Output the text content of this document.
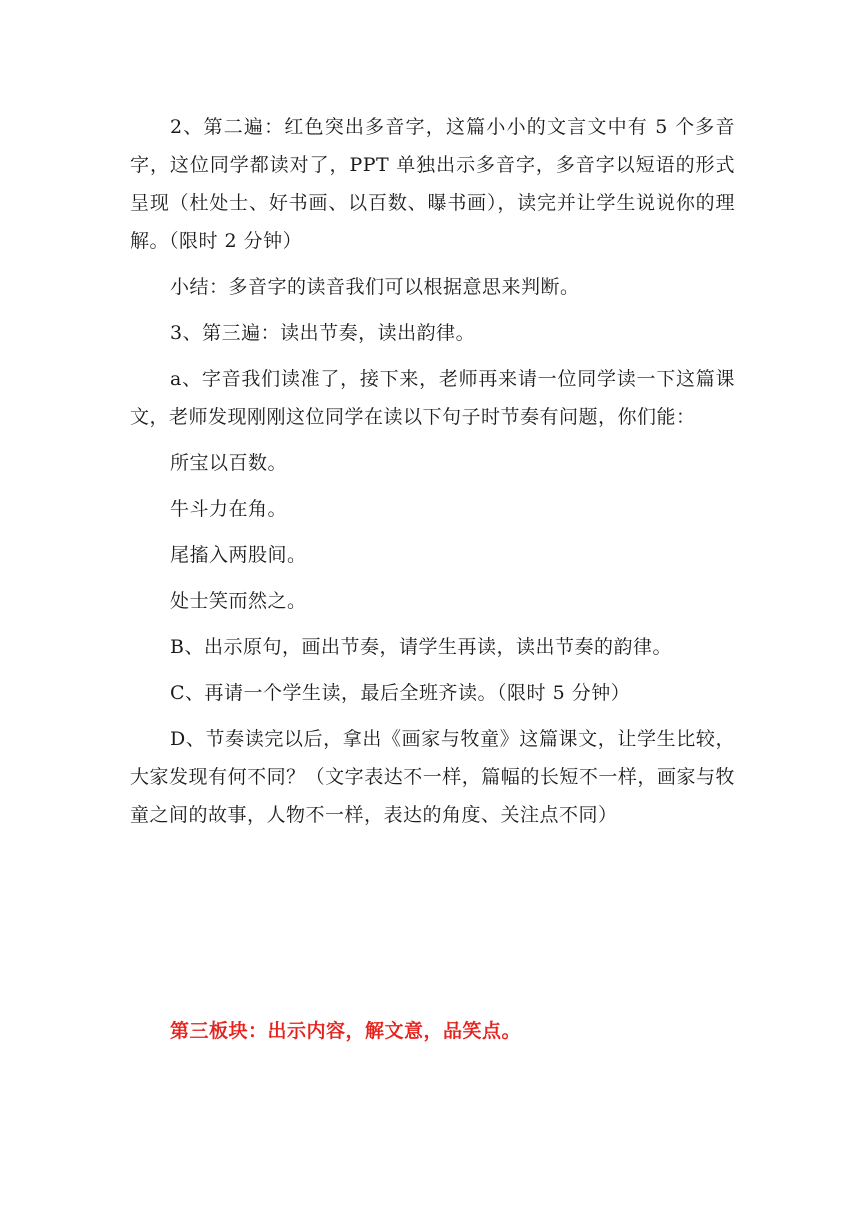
2、第二遍：红色突出多音字，这篇小小的文言文中有 5 个多音字，这位同学都读对了，PPT 单独出示多音字，多音字以短语的形式呈现（杜处士、好书画、以百数、曝书画），读完并让学生说说你的理解。（限时 2 分钟）

小结：多音字的读音我们可以根据意思来判断。

3、第三遍：读出节奏，读出韵律。

a、字音我们读准了，接下来，老师再来请一位同学读一下这篇课文，老师发现刚刚这位同学在读以下句子时节奏有问题，你们能：

所宝以百数。

牛斗力在角。

尾搐入两股间。

处士笑而然之。

B、出示原句，画出节奏，请学生再读，读出节奏的韵律。

C、再请一个学生读，最后全班齐读。（限时 5 分钟）

D、节奏读完以后，拿出《画家与牧童》这篇课文，让学生比较，大家发现有何不同？（文字表达不一样，篇幅的长短不一样，画家与牧童之间的故事，人物不一样，表达的角度、关注点不同）

第三板块：出示内容，解文意，品笑点。
